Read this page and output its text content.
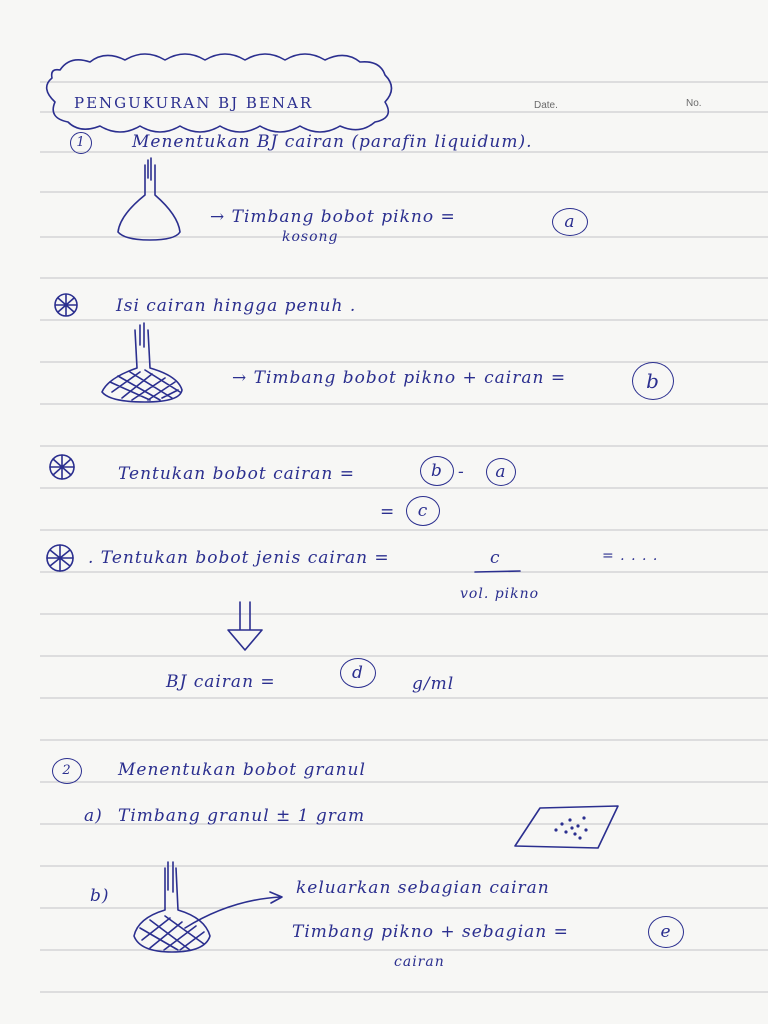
Date.	No.
PENGUKURAN BJ BENAR
1	Menentukan BJ cairan (parafin liquidum).
→ Timbang bobot pikno =
kosong
a
Isi cairan hingga penuh .
→ Timbang bobot pikno + cairan =	b
Tentukan bobot cairan =	b -	a
=	c
. Tentukan bobot jenis cairan =	c
vol. pikno
= . . . .
BJ cairan =	d
g/ml
2	Menentukan bobot granul
a) Timbang granul ± 1 gram
b)	keluarkan sebagian cairan
Timbang pikno + sebagian =
cairan
e
